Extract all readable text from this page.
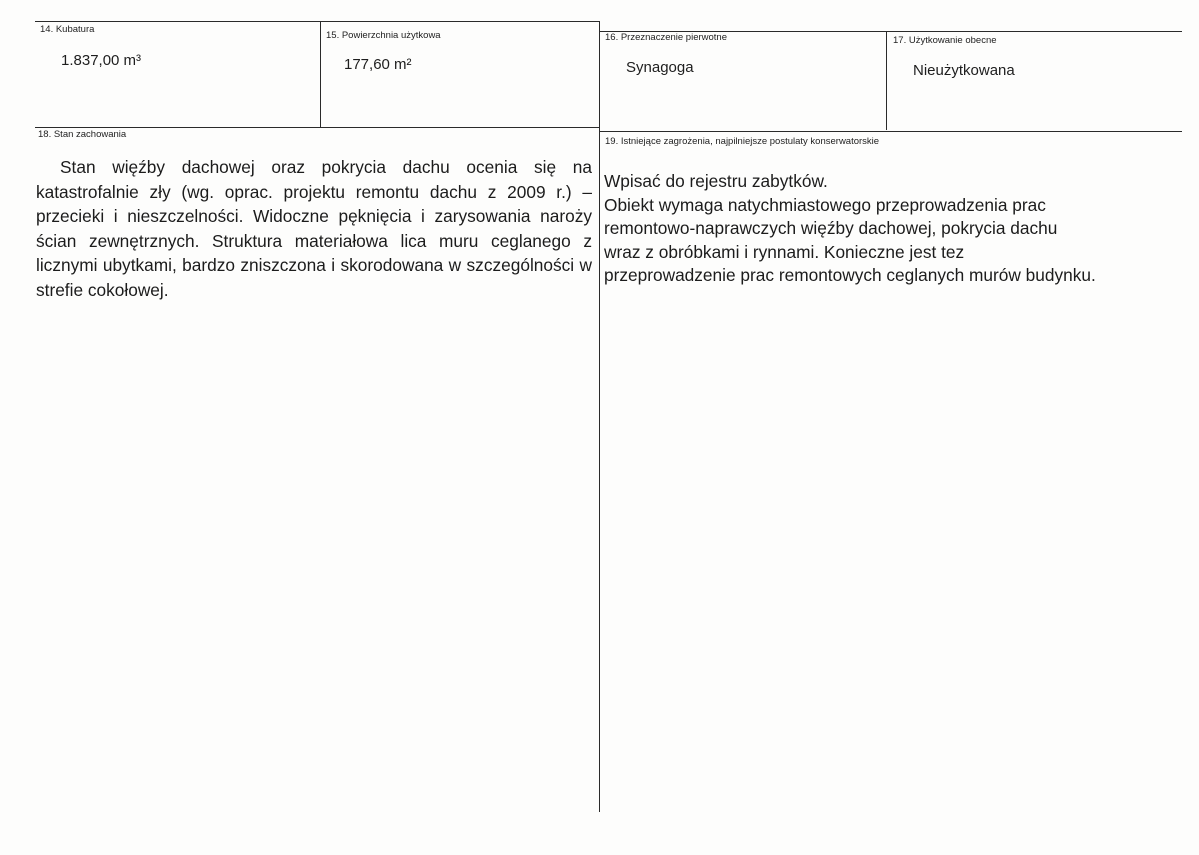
14. Kubatura
1.837,00 m³
15. Powierzchnia użytkowa
177,60 m²
16. Przeznaczenie pierwotne
Synagoga
17. Użytkowanie obecne
Nieużytkowana
18. Stan zachowania

Stan więźby dachowej oraz pokrycia dachu ocenia się na katastrofalnie zły (wg. oprac. projektu remontu dachu z 2009 r.) – przecieki i nieszczelności. Widoczne pęknięcia i zarysowania naroży ścian zewnętrznych. Struktura materiałowa lica muru ceglanego z licznymi ubytkami, bardzo zniszczona i skorodowana w szczególności w strefie cokołowej.

19. Istniejące zagrożenia, najpilniejsze postulaty konserwatorskie
Wpisać do rejestru zabytków.
Obiekt wymaga natychmiastowego przeprowadzenia prac
remontowo-naprawczych więźby dachowej, pokrycia dachu
wraz z obróbkami i rynnami. Konieczne jest tez
przeprowadzenie prac remontowych ceglanych murów budynku.
